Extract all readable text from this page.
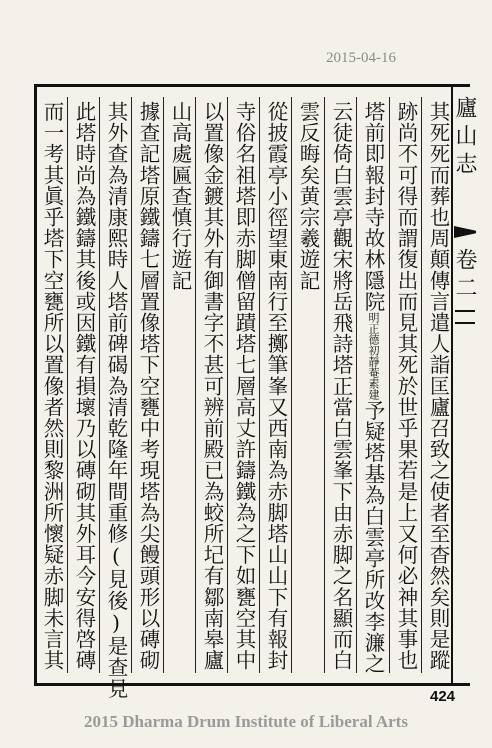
2015-04-16
其死死而葬也周顛傳言遣人詣匡廬召致之使者至杳然矣則是蹤
跡尚不可得而謂復出而見其死於世乎果若是上又何必神其事也
塔前即報封寺故林隱院明正德初靜菴素建予疑塔基為白雲亭所改李濂之
云徒倚白雲亭觀宋將岳飛詩塔正當白雲峯下由赤脚之名顯而白
雲反晦矣黄宗羲遊記
從披霞亭小徑望東南行至擲筆峯又西南為赤脚塔山山下有報封
寺俗名祖塔即赤脚僧留蹟塔七層高丈許鑄鐵為之下如甕空其中
以置像金鍍其外有御書字不甚可辨前殿已為蛟所圮有鄒南皋廬
山高處匾查慎行遊記
據查記塔原鐵鑄七層置像塔下空甕中考現塔為尖饅頭形以磚砌
其外查為清康熙時人塔前碑碣為清乾隆年間重修(見後)是查見
此塔時尚為鐵鑄其後或因鐵有損壞乃以磚砌其外耳今安得啓磚
而一考其眞乎塔下空甕所以置像者然則黎洲所懷疑赤脚未言其	廬山志
卷二
424
2015 Dharma Drum Institute of Liberal Arts
